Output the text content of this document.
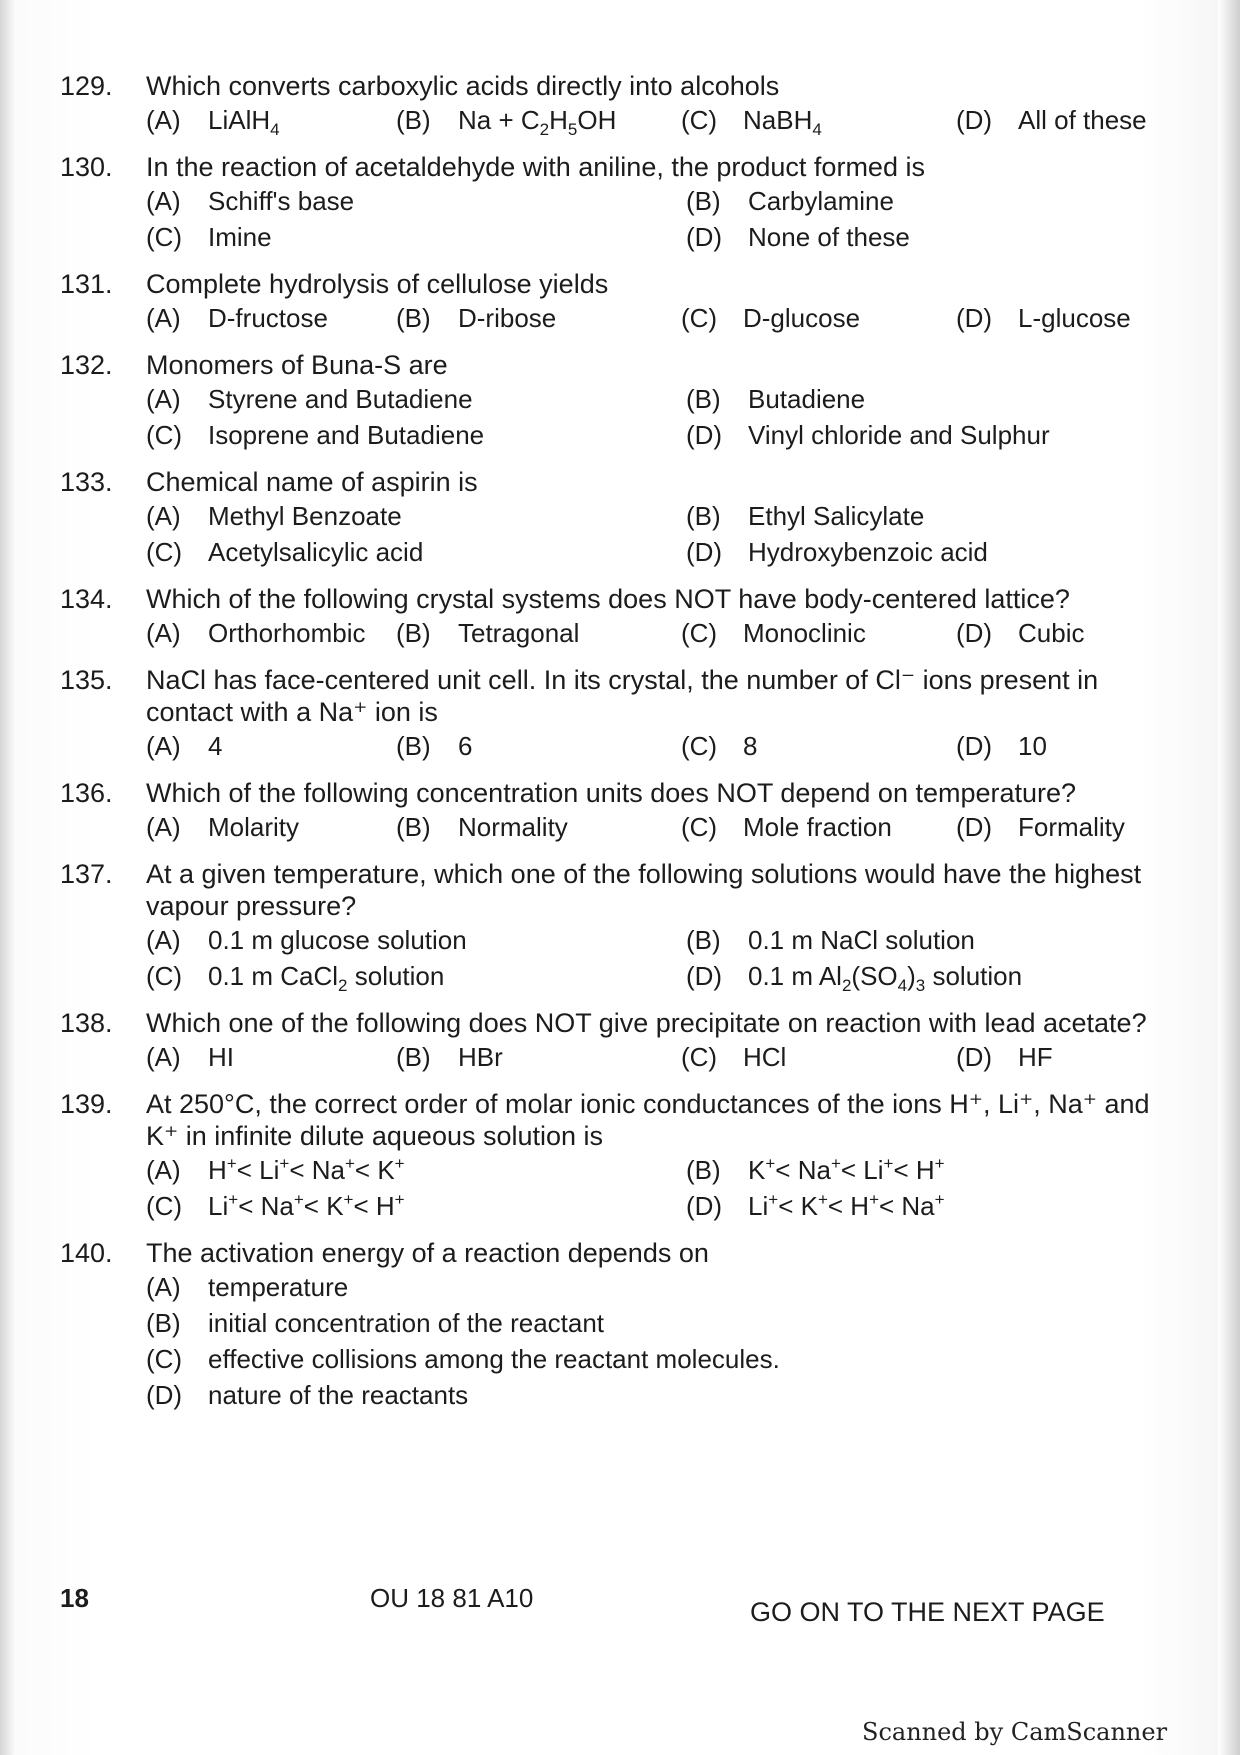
129.	Which converts carboxylic acids directly into alcohols
(A) LiAlH$_4$	(B) $Na + C_2H_5OH$	(C) NaBH$_4$	(D) All of these
130.	In the reaction of acetaldehyde with aniline, the product formed is
(A) Schiff's base	(B) Carbylamine
(C) Imine	(D) None of these
131.	Complete hydrolysis of cellulose yields
(A) D-fructose	(B) D-ribose	(C) D-glucose	(D) L-glucose
132.	Monomers of Buna-S are
(A) Styrene and Butadiene	(B) Butadiene
(C) Isoprene and Butadiene	(D) Vinyl chloride and Sulphur
133.	Chemical name of aspirin is
(A) Methyl Benzoate	(B) Ethyl Salicylate
(C) Acetylsalicylic acid	(D) Hydroxybenzoic acid
134.	Which of the following crystal systems does NOT have body-centered lattice?
(A) Orthorhombic	(B) Tetragonal	(C) Monoclinic	(D) Cubic
135.	NaCl has face-centered unit cell. In its crystal, the number of Cl⁻ ions present in
contact with a Na⁺ ion is
(A) 4	(B) 6	(C) 8	(D) 10
136.	Which of the following concentration units does NOT depend on temperature?
(A) Molarity	(B) Normality	(C) Mole fraction	(D) Formality
137.	At a given temperature, which one of the following solutions would have the highest
vapour pressure?
(A) 0.1 m glucose solution	(B) 0.1 m NaCl solution
(C) 0.1 m CaCl$_2$ solution	(D) 0.1 m $Al_2(SO_4)_3$ solution
138.	Which one of the following does NOT give precipitate on reaction with lead acetate?
(A) HI	(B) HBr	(C) HCl	(D) HF
139.	At 250°C, the correct order of molar ionic conductances of the ions H⁺, Li⁺, Na⁺ and
K⁺ in infinite dilute aqueous solution is
(A) H+< Li+< Na+< K+	(B) K+< Na+< Li+< H+
(C) Li+< Na+< K+< H+	(D) Li+< K+< H+< Na+
140.	The activation energy of a reaction depends on
(A) temperature
(B) initial concentration of the reactant
(C) effective collisions among the reactant molecules.
(D) nature of the reactants
18	OU 18 81 A10	GO ON TO THE NEXT PAGE
Scanned by CamScanner
